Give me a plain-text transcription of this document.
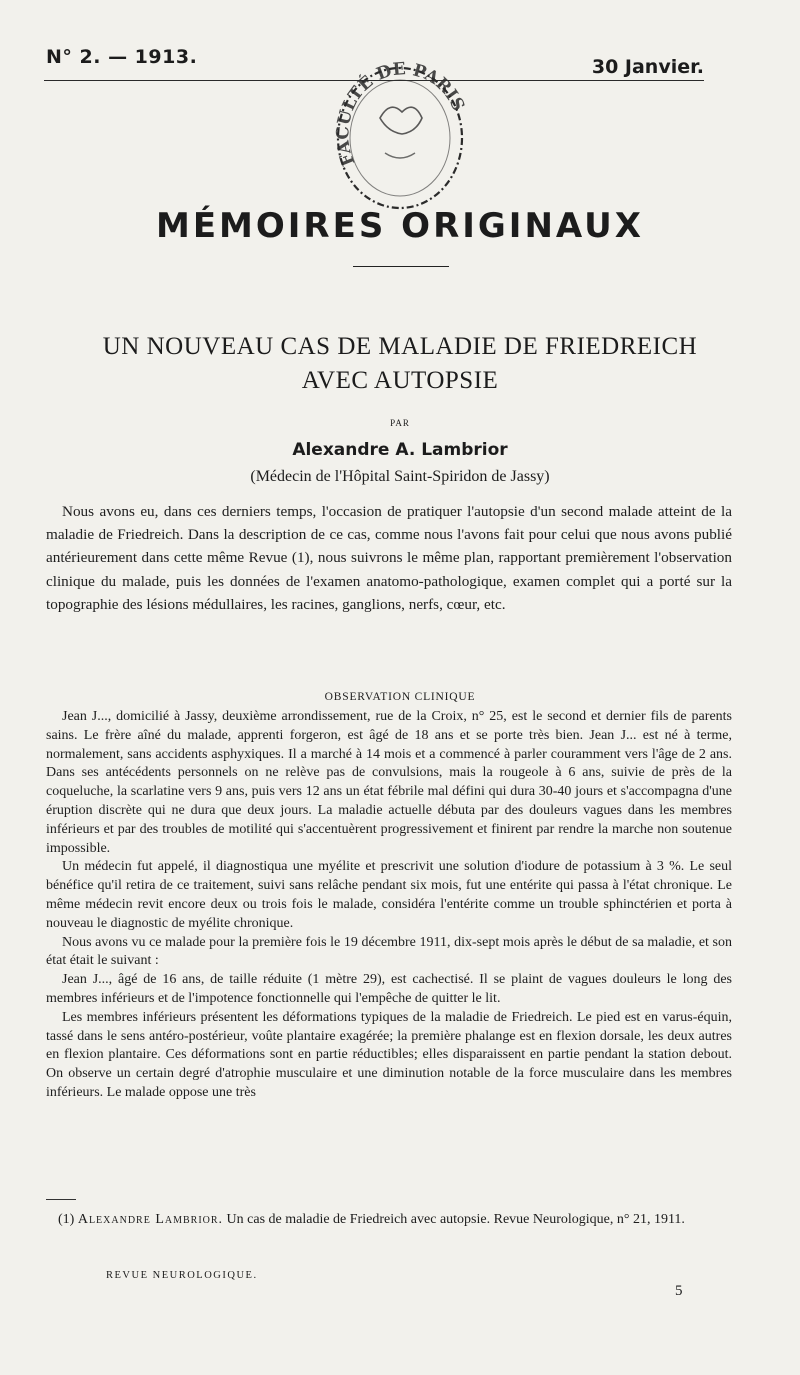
N° 2. — 1913.	30 Janvier.
FACULTÉ DE PARIS
MÉMOIRES ORIGINAUX
UN NOUVEAU CAS DE MALADIE DE FRIEDREICH
AVEC AUTOPSIE
PAR
Alexandre A. Lambrior
(Médecin de l'Hôpital Saint-Spiridon de Jassy)
Nous avons eu, dans ces derniers temps, l'occasion de pratiquer l'autopsie d'un second malade atteint de la maladie de Friedreich. Dans la description de ce cas, comme nous l'avons fait pour celui que nous avons publié antérieurement dans cette même Revue (1), nous suivrons le même plan, rapportant premièrement l'observation clinique du malade, puis les données de l'examen anatomo-pathologique, examen complet qui a porté sur la topographie des lésions médullaires, les racines, ganglions, nerfs, cœur, etc.
OBSERVATION CLINIQUE

Jean J..., domicilié à Jassy, deuxième arrondissement, rue de la Croix, n° 25, est le second et dernier fils de parents sains. Le frère aîné du malade, apprenti forgeron, est âgé de 18 ans et se porte très bien. Jean J... est né à terme, normalement, sans accidents asphyxiques. Il a marché à 14 mois et a commencé à parler couramment vers l'âge de 2 ans. Dans ses antécédents personnels on ne relève pas de convulsions, mais la rougeole à 6 ans, suivie de près de la coqueluche, la scarlatine vers 9 ans, puis vers 12 ans un état fébrile mal défini qui dura 30-40 jours et s'accompagna d'une éruption discrète qui ne dura que deux jours. La maladie actuelle débuta par des douleurs vagues dans les membres inférieurs et par des troubles de motilité qui s'accentuèrent progressivement et finirent par rendre la marche non soutenue impossible.

Un médecin fut appelé, il diagnostiqua une myélite et prescrivit une solution d'iodure de potassium à 3 %. Le seul bénéfice qu'il retira de ce traitement, suivi sans relâche pendant six mois, fut une entérite qui passa à l'état chronique. Le même médecin revit encore deux ou trois fois le malade, considéra l'entérite comme un trouble sphinctérien et porta à nouveau le diagnostic de myélite chronique.

Nous avons vu ce malade pour la première fois le 19 décembre 1911, dix-sept mois après le début de sa maladie, et son état était le suivant :

Jean J..., âgé de 16 ans, de taille réduite (1 mètre 29), est cachectisé. Il se plaint de vagues douleurs le long des membres inférieurs et de l'impotence fonctionnelle qui l'empêche de quitter le lit.

Les membres inférieurs présentent les déformations typiques de la maladie de Friedreich. Le pied est en varus-équin, tassé dans le sens antéro-postérieur, voûte plantaire exagérée; la première phalange est en flexion dorsale, les deux autres en flexion plantaire. Ces déformations sont en partie réductibles; elles disparaissent en partie pendant la station debout. On observe un certain degré d'atrophie musculaire et une diminution notable de la force musculaire dans les membres inférieurs. Le malade oppose une très

(1) Alexandre Lambrior. Un cas de maladie de Friedreich avec autopsie. Revue Neurologique, n° 21, 1911.
REVUE NEUROLOGIQUE.
5
